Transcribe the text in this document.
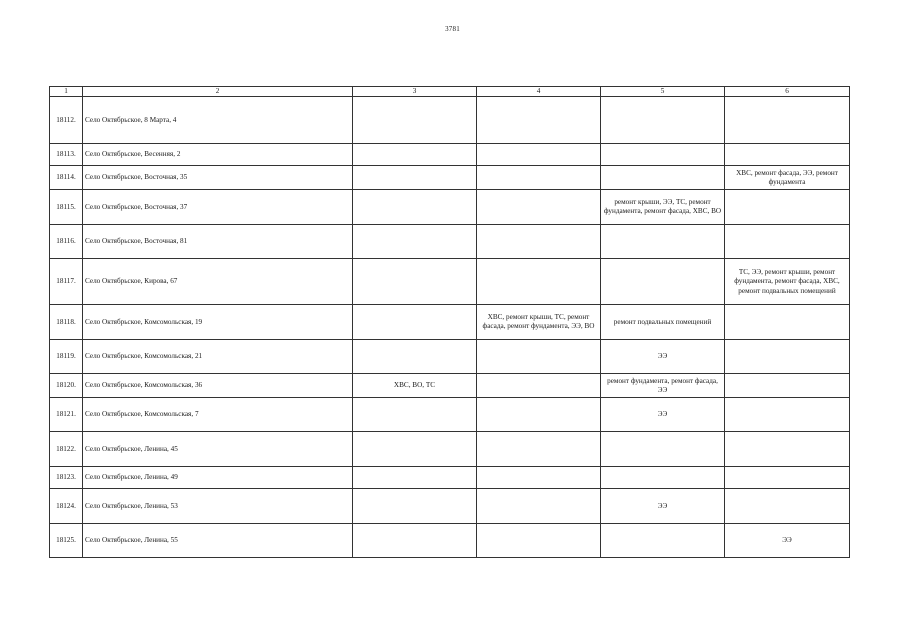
3781
1	2	3	4	5	6
18112.	Село Октябрьское, 8 Марта, 4				
18113.	Село Октябрьское, Весенняя, 2				
18114.	Село Октябрьское, Восточная, 35				ХВС, ремонт фасада, ЭЭ, ремонт фундамента
18115.	Село Октябрьское, Восточная, 37			ремонт крыши, ЭЭ, ТС, ремонт фундамента, ремонт фасада, ХВС, ВО	
18116.	Село Октябрьское, Восточная, 81				
18117.	Село Октябрьское, Кирова, 67				ТС, ЭЭ, ремонт крыши, ремонт фундамента, ремонт фасада, ХВС, ремонт подвальных помещений
18118.	Село Октябрьское, Комсомольская, 19		ХВС, ремонт крыши, ТС, ремонт фасада, ремонт фундамента, ЭЭ, ВО	ремонт подвальных помещений	
18119.	Село Октябрьское, Комсомольская, 21			ЭЭ	
18120.	Село Октябрьское, Комсомольская, 36	ХВС, ВО, ТС		ремонт фундамента, ремонт фасада, ЭЭ	
18121.	Село Октябрьское, Комсомольская, 7			ЭЭ	
18122.	Село Октябрьское, Ленина, 45				
18123.	Село Октябрьское, Ленина, 49				
18124.	Село Октябрьское, Ленина, 53			ЭЭ	
18125.	Село Октябрьское, Ленина, 55				ЭЭ
